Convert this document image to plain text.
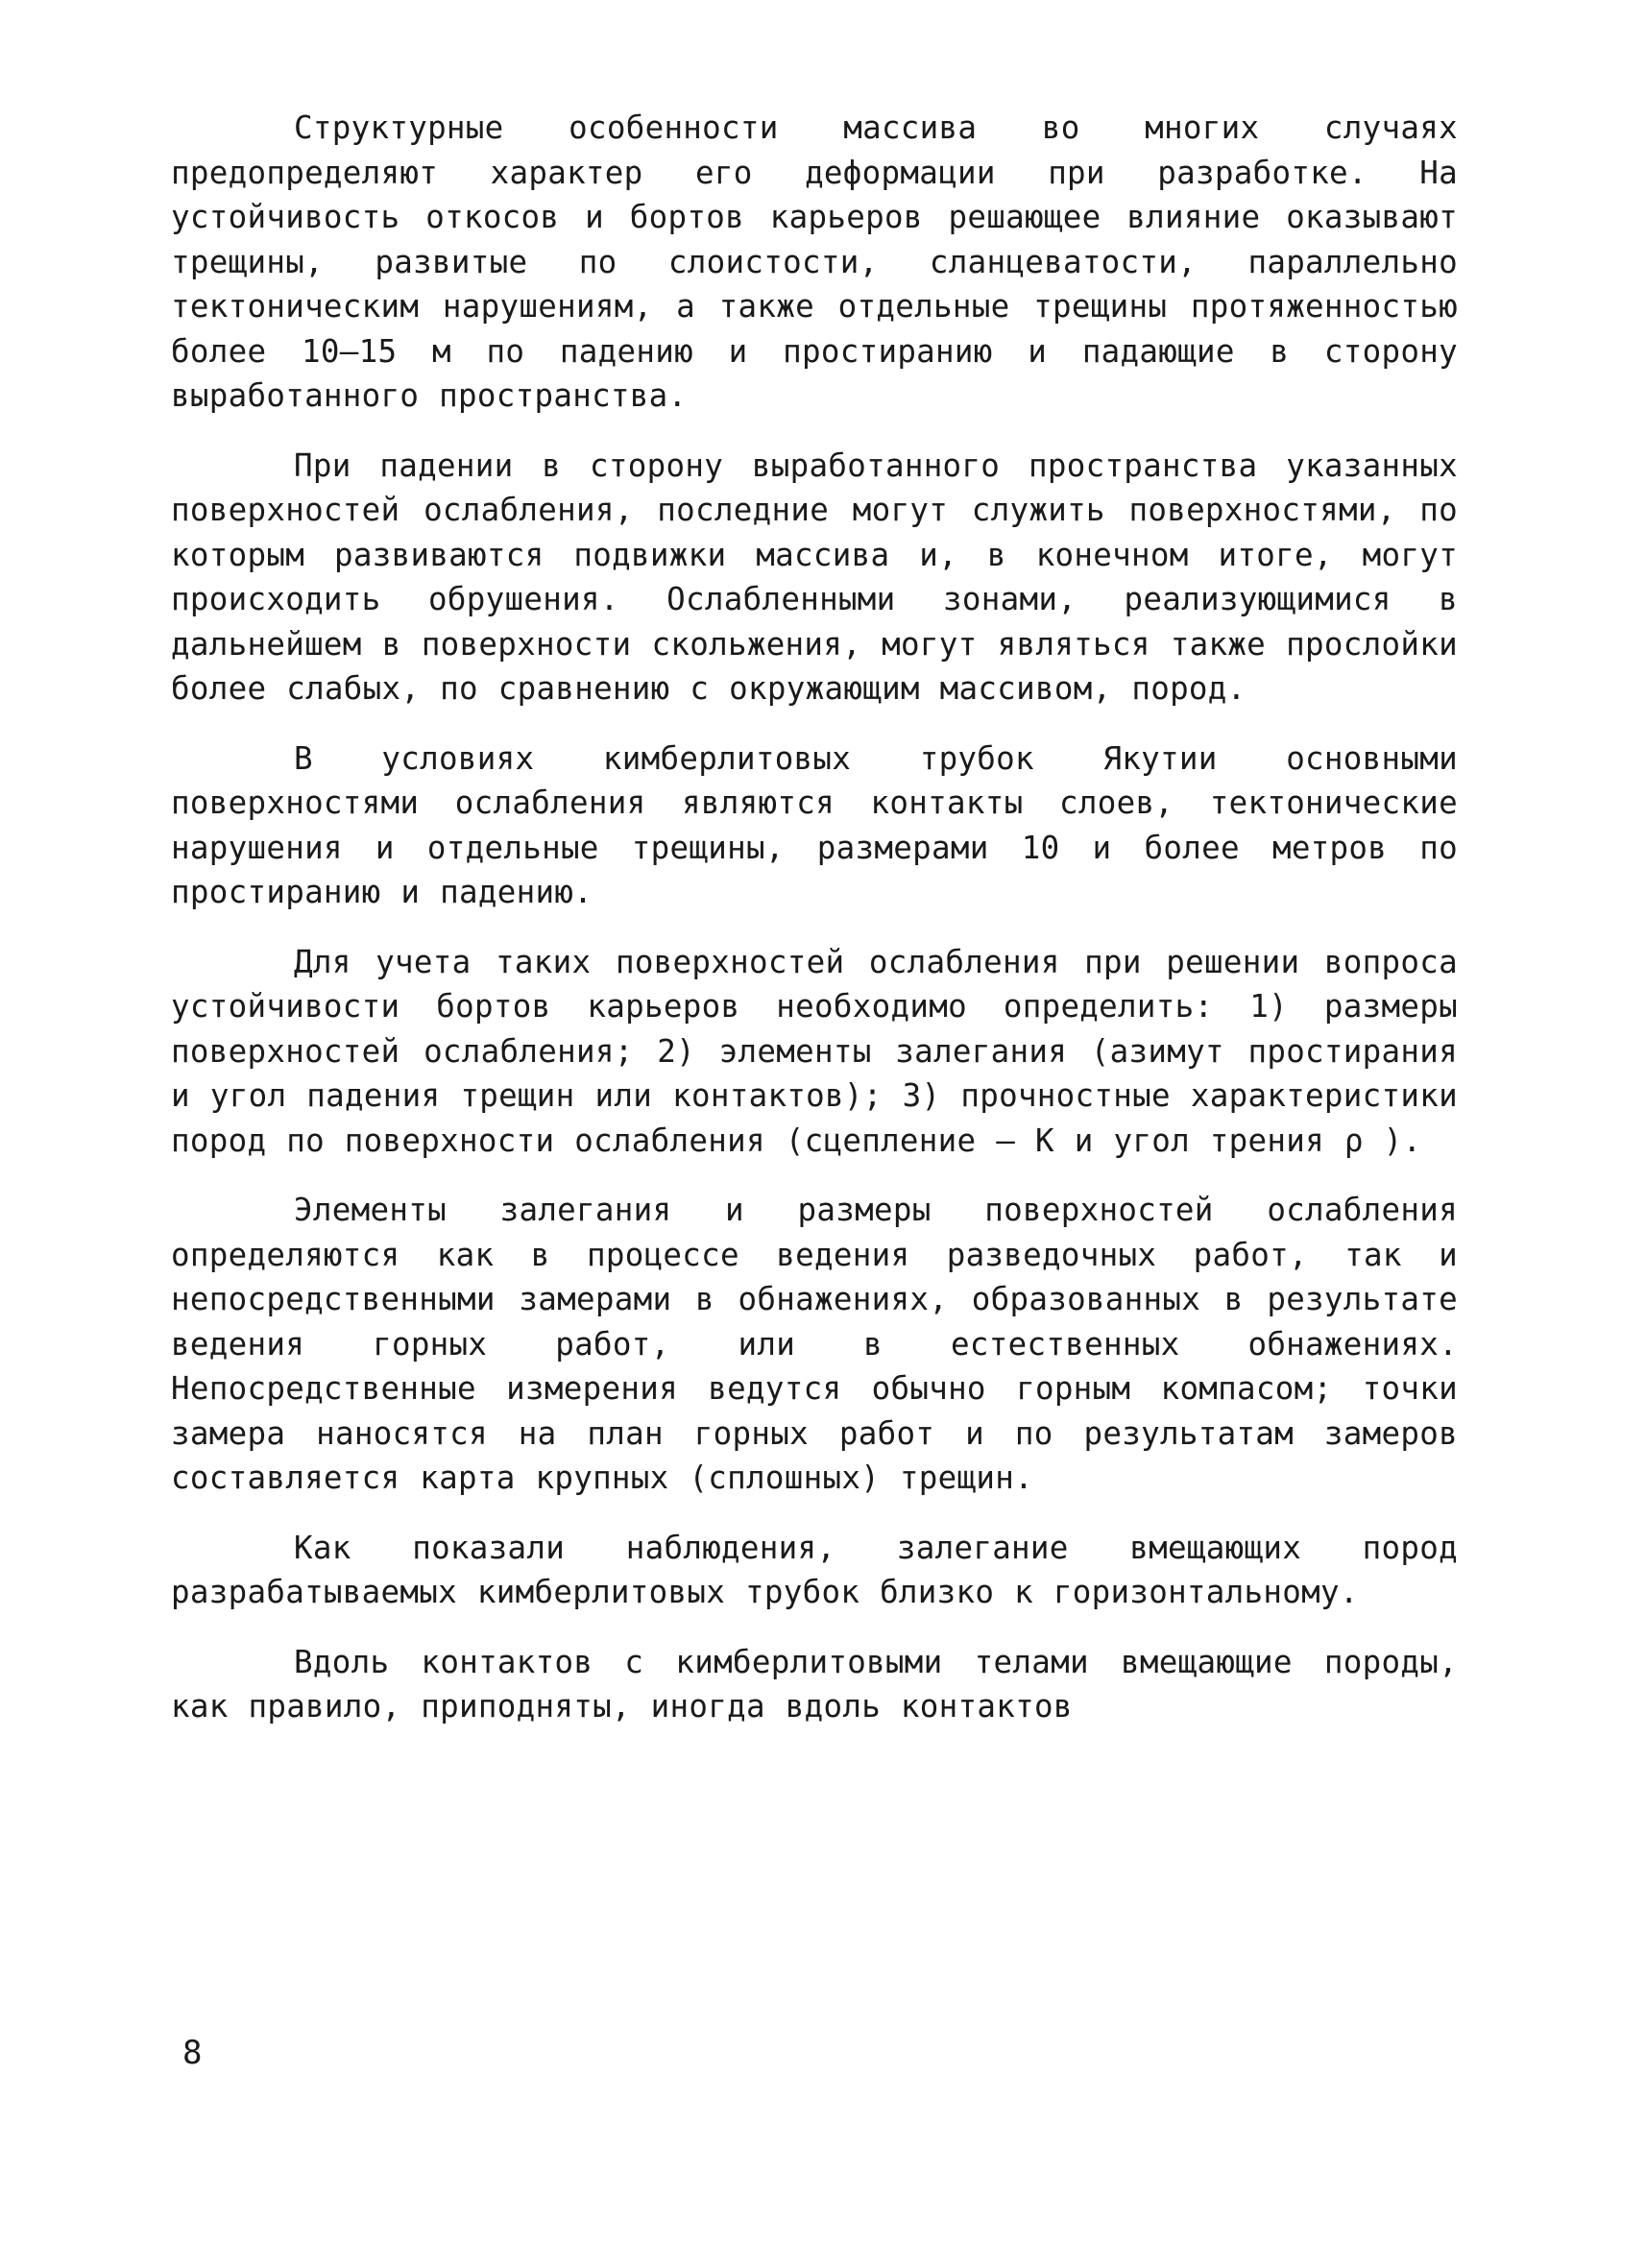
Структурные особенности массива во многих случаях предопределяют характер его деформации при разработке. На устойчивость откосов и бортов карьеров решающее влияние оказывают трещины, развитые по слоистости, сланцеватости, параллельно тектоническим нарушениям, а также отдельные трещины протяженностью более 10–15 м по падению и простиранию и падающие в сторону выработанного пространства.

При падении в сторону выработанного пространства указанных поверхностей ослабления, последние могут служить поверхностями, по которым развиваются подвижки массива и, в конечном итоге, могут происходить обрушения. Ослабленными зонами, реализующимися в дальнейшем в поверхности скольжения, могут являться также прослойки более слабых, по сравнению с окружающим массивом, пород.

В условиях кимберлитовых трубок Якутии основными поверхностями ослабления являются контакты слоев, тектонические нарушения и отдельные трещины, размерами 10 и более метров по простиранию и падению.

Для учета таких поверхностей ослабления при решении вопроса устойчивости бортов карьеров необходимо определить: 1) размеры поверхностей ослабления; 2) элементы залегания (азимут простирания и угол падения трещин или контактов); 3) прочностные характеристики пород по поверхности ослабления (сцепление – К и угол трения ρ ).

Элементы залегания и размеры поверхностей ослабления определяются как в процессе ведения разведочных работ, так и непосредственными замерами в обнажениях, образованных в результате ведения горных работ, или в естественных обнажениях. Непосредственные измерения ведутся обычно горным компасом; точки замера наносятся на план горных работ и по результатам замеров составляется карта крупных (сплошных) трещин.

Как показали наблюдения, залегание вмещающих пород разрабатываемых кимберлитовых трубок близко к горизонтальному.

Вдоль контактов с кимберлитовыми телами вмещающие породы, как правило, приподняты, иногда вдоль контактов

8
